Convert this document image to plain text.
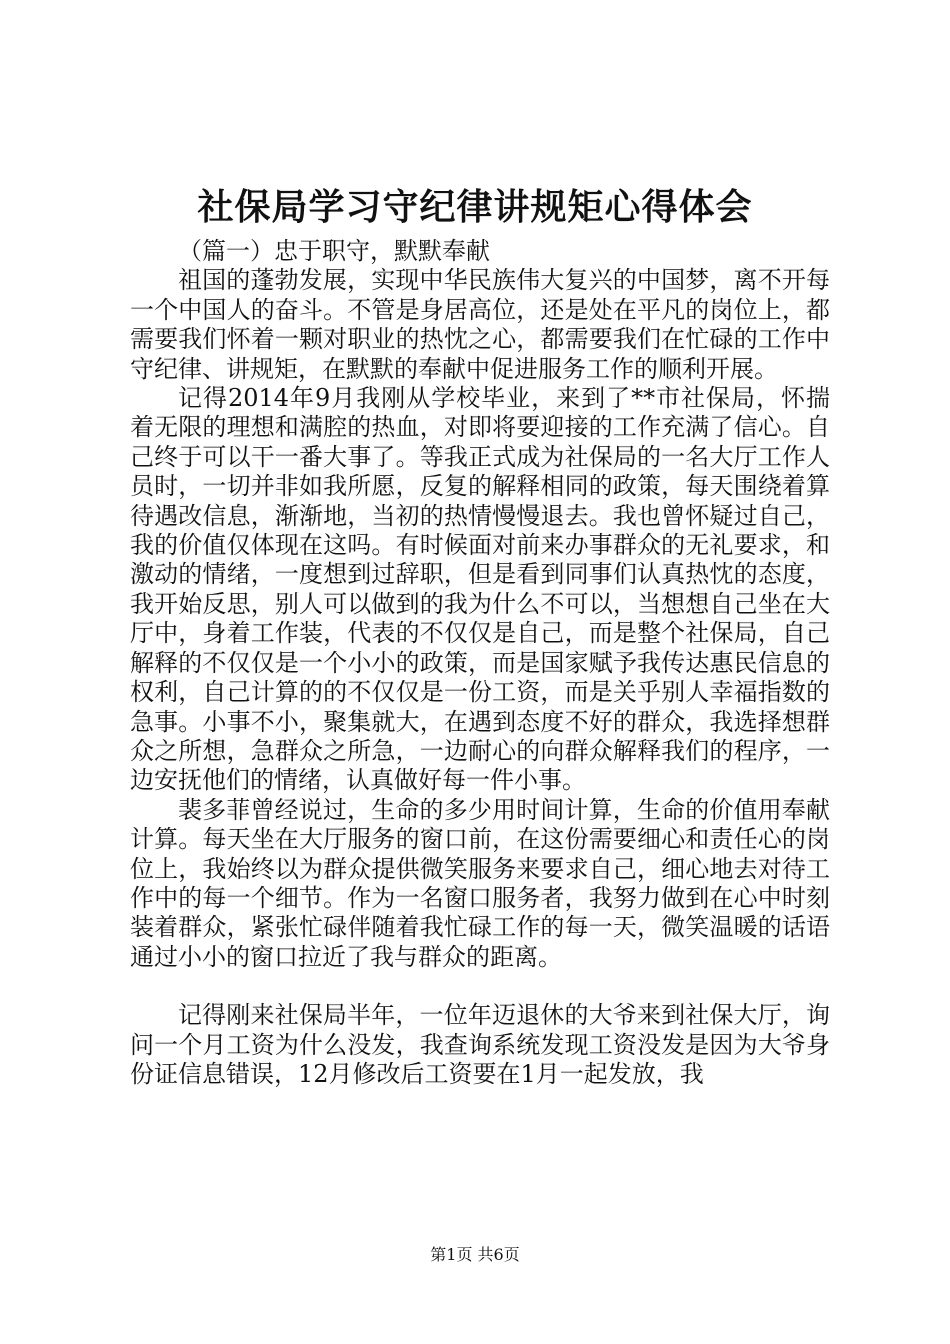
社保局学习守纪律讲规矩心得体会

（篇一）忠于职守，默默奉献

祖国的蓬勃发展，实现中华民族伟大复兴的中国梦，离不开每一个中国人的奋斗。不管是身居高位，还是处在平凡的岗位上，都需要我们怀着一颗对职业的热忱之心，都需要我们在忙碌的工作中守纪律、讲规矩，在默默的奉献中促进服务工作的顺利开展。

记得2014年9月我刚从学校毕业，来到了**市社保局，怀揣着无限的理想和满腔的热血，对即将要迎接的工作充满了信心。自己终于可以干一番大事了。等我正式成为社保局的一名大厅工作人员时，一切并非如我所愿，反复的解释相同的政策，每天围绕着算待遇改信息，渐渐地，当初的热情慢慢退去。我也曾怀疑过自己，我的价值仅体现在这吗。有时候面对前来办事群众的无礼要求，和激动的情绪，一度想到过辞职，但是看到同事们认真热忱的态度，我开始反思，别人可以做到的我为什么不可以，当想想自己坐在大厅中，身着工作装，代表的不仅仅是自己，而是整个社保局，自己解释的不仅仅是一个小小的政策，而是国家赋予我传达惠民信息的权利，自己计算的的不仅仅是一份工资，而是关乎别人幸福指数的急事。小事不小，聚集就大，在遇到态度不好的群众，我选择想群众之所想，急群众之所急，一边耐心的向群众解释我们的程序，一边安抚他们的情绪，认真做好每一件小事。

裴多菲曾经说过，生命的多少用时间计算，生命的价值用奉献计算。每天坐在大厅服务的窗口前，在这份需要细心和责任心的岗位上，我始终以为群众提供微笑服务来要求自己，细心地去对待工作中的每一个细节。作为一名窗口服务者，我努力做到在心中时刻装着群众，紧张忙碌伴随着我忙碌工作的每一天，微笑温暖的话语通过小小的窗口拉近了我与群众的距离。

记得刚来社保局半年，一位年迈退休的大爷来到社保大厅，询问一个月工资为什么没发，我查询系统发现工资没发是因为大爷身份证信息错误，12月修改后工资要在1月一起发放，我

第1页 共6页
